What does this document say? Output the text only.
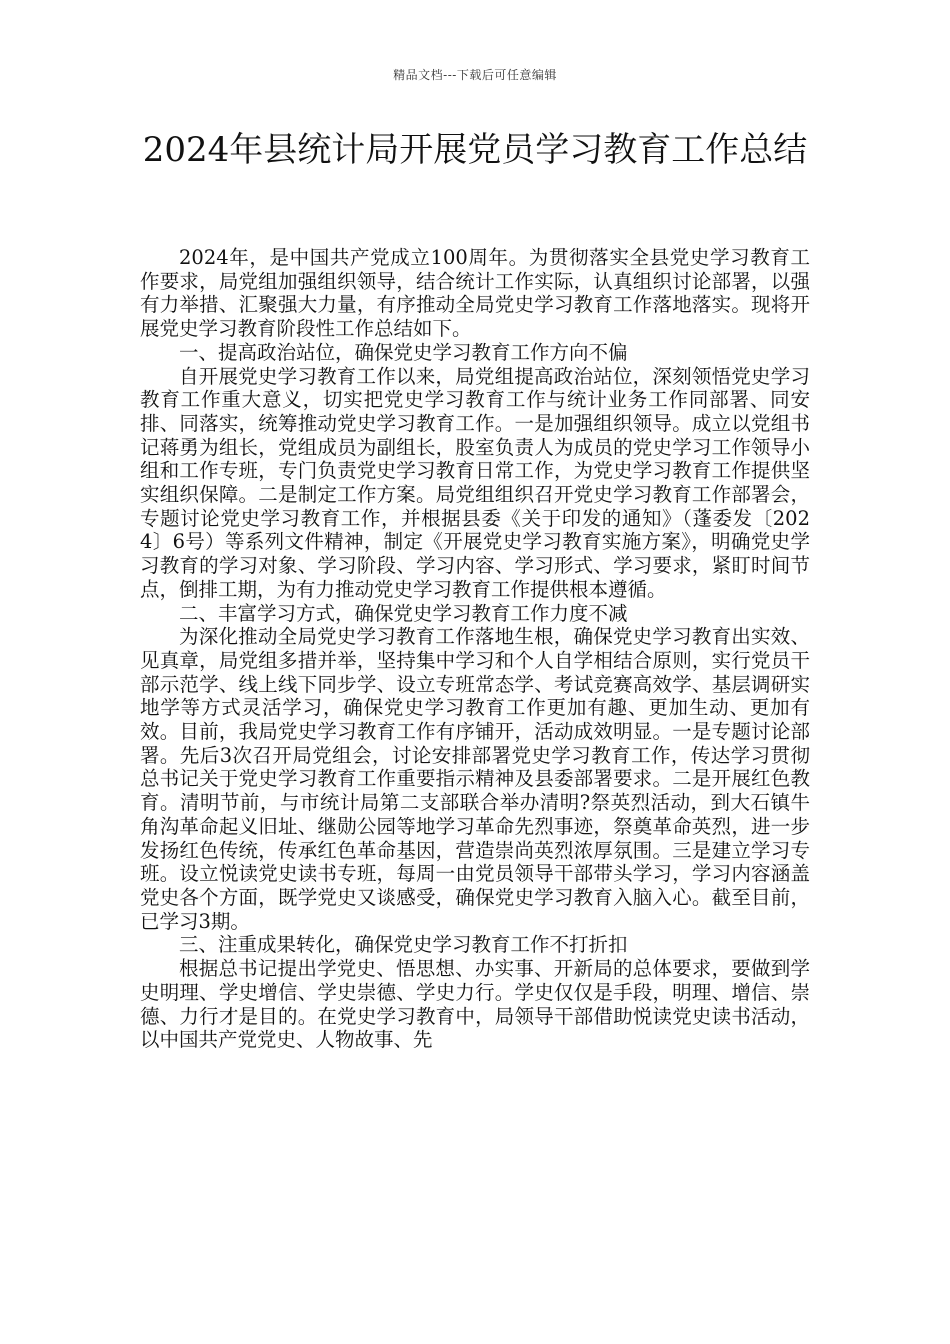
精品文档---下载后可任意编辑
2024年县统计局开展党员学习教育工作总结

2024年，是中国共产党成立100周年。为贯彻落实全县党史学习教育工作要求，局党组加强组织领导，结合统计工作实际，认真组织讨论部署，以强有力举措、汇聚强大力量，有序推动全局党史学习教育工作落地落实。现将开展党史学习教育阶段性工作总结如下。

一、提高政治站位，确保党史学习教育工作方向不偏

自开展党史学习教育工作以来，局党组提高政治站位，深刻领悟党史学习教育工作重大意义，切实把党史学习教育工作与统计业务工作同部署、同安排、同落实，统筹推动党史学习教育工作。一是加强组织领导。成立以党组书记蒋勇为组长，党组成员为副组长，股室负责人为成员的党史学习工作领导小组和工作专班，专门负责党史学习教育日常工作，为党史学习教育工作提供坚实组织保障。二是制定工作方案。局党组组织召开党史学习教育工作部署会，专题讨论党史学习教育工作，并根据县委《关于印发的通知》（蓬委发〔2024〕6号）等系列文件精神，制定《开展党史学习教育实施方案》，明确党史学习教育的学习对象、学习阶段、学习内容、学习形式、学习要求，紧盯时间节点，倒排工期，为有力推动党史学习教育工作提供根本遵循。

二、丰富学习方式，确保党史学习教育工作力度不减

为深化推动全局党史学习教育工作落地生根，确保党史学习教育出实效、见真章，局党组多措并举，坚持集中学习和个人自学相结合原则，实行党员干部示范学、线上线下同步学、设立专班常态学、考试竞赛高效学、基层调研实地学等方式灵活学习，确保党史学习教育工作更加有趣、更加生动、更加有效。目前，我局党史学习教育工作有序铺开，活动成效明显。一是专题讨论部署。先后3次召开局党组会，讨论安排部署党史学习教育工作，传达学习贯彻总书记关于党史学习教育工作重要指示精神及县委部署要求。二是开展红色教育。清明节前，与市统计局第二支部联合举办清明?祭英烈活动，到大石镇牛角沟革命起义旧址、继勋公园等地学习革命先烈事迹，祭奠革命英烈，进一步发扬红色传统，传承红色革命基因，营造崇尚英烈浓厚氛围。三是建立学习专班。设立悦读党史读书专班，每周一由党员领导干部带头学习，学习内容涵盖党史各个方面，既学党史又谈感受，确保党史学习教育入脑入心。截至目前，已学习3期。

三、注重成果转化，确保党史学习教育工作不打折扣

根据总书记提出学党史、悟思想、办实事、开新局的总体要求，要做到学史明理、学史增信、学史崇德、学史力行。学史仅仅是手段，明理、增信、崇德、力行才是目的。在党史学习教育中，局领导干部借助悦读党史读书活动，以中国共产党党史、人物故事、先
